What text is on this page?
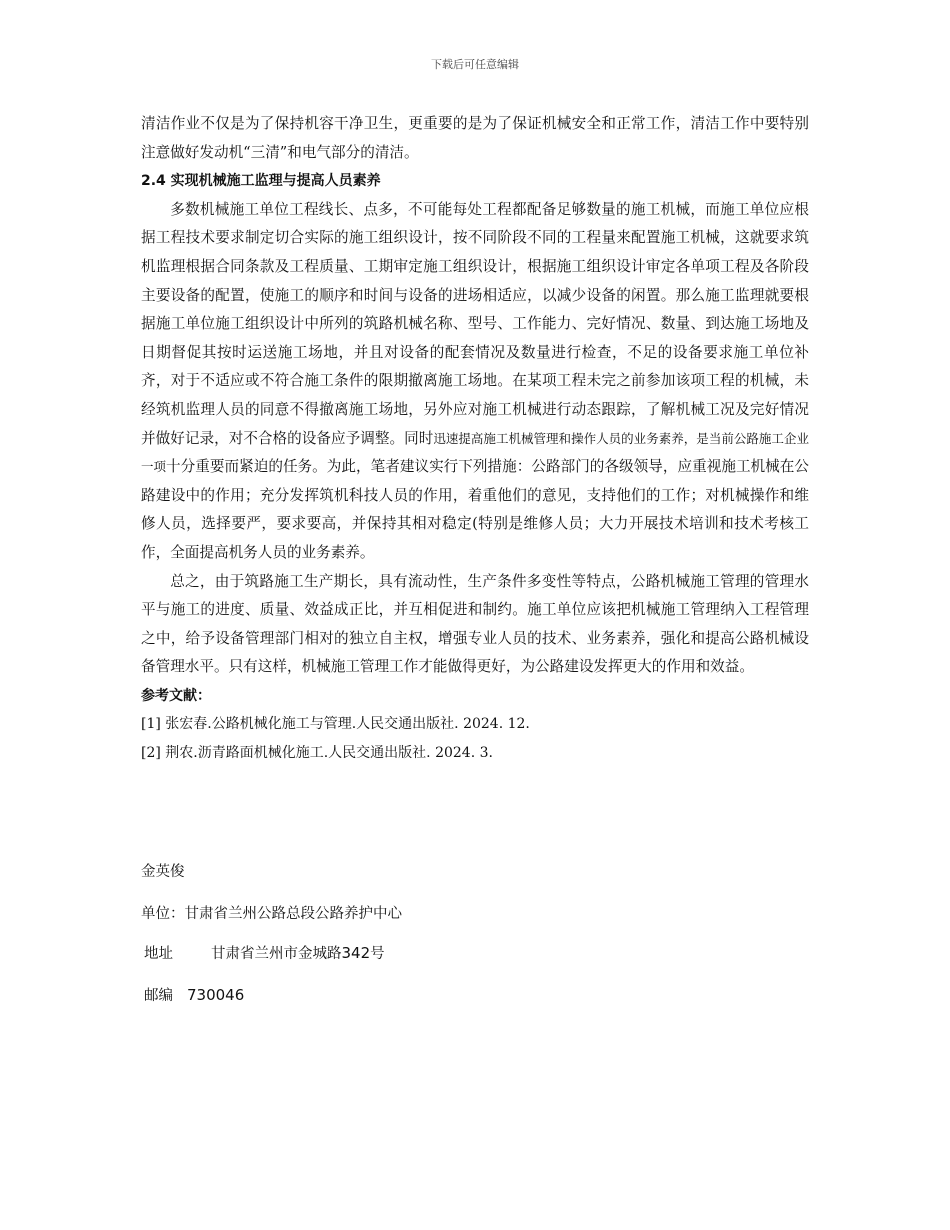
下载后可任意编辑

清洁作业不仅是为了保持机容干净卫生，更重要的是为了保证机械安全和正常工作，清洁工作中要特别注意做好发动机“三清”和电气部分的清洁。

2.4 实现机械施工监理与提高人员素养

多数机械施工单位工程线长、点多，不可能每处工程都配备足够数量的施工机械，而施工单位应根据工程技术要求制定切合实际的施工组织设计，按不同阶段不同的工程量来配置施工机械，这就要求筑机监理根据合同条款及工程质量、工期审定施工组织设计，根据施工组织设计审定各单项工程及各阶段主要设备的配置，使施工的顺序和时间与设备的进场相适应，以减少设备的闲置。那么施工监理就要根据施工单位施工组织设计中所列的筑路机械名称、型号、工作能力、完好情况、数量、到达施工场地及日期督促其按时运送施工场地，并且对设备的配套情况及数量进行检查，不足的设备要求施工单位补齐，对于不适应或不符合施工条件的限期撤离施工场地。在某项工程未完之前参加该项工程的机械，未经筑机监理人员的同意不得撤离施工场地，另外应对施工机械进行动态跟踪，了解机械工况及完好情况并做好记录，对不合格的设备应予调整。同时迅速提高施工机械管理和操作人员的业务素养，是当前公路施工企业一项十分重要而紧迫的任务。为此，笔者建议实行下列措施：公路部门的各级领导，应重视施工机械在公路建设中的作用；充分发挥筑机科技人员的作用，着重他们的意见，支持他们的工作；对机械操作和维修人员，选择要严，要求要高，并保持其相对稳定(特别是维修人员；大力开展技术培训和技术考核工作，全面提高机务人员的业务素养。

总之，由于筑路施工生产期长，具有流动性，生产条件多变性等特点，公路机械施工管理的管理水平与施工的进度、质量、效益成正比，并互相促进和制约。施工单位应该把机械施工管理纳入工程管理之中，给予设备管理部门相对的独立自主权，增强专业人员的技术、业务素养，强化和提高公路机械设备管理水平。只有这样，机械施工管理工作才能做得更好，为公路建设发挥更大的作用和效益。

参考文献：

[1] 张宏春.公路机械化施工与管理.人民交通出版社. 2024. 12.

[2] 荆农.沥青路面机械化施工.人民交通出版社. 2024. 3.

金英俊
单位：甘肃省兰州公路总段公路养护中心
地址	甘肃省兰州市金城路342号
邮编 730046
